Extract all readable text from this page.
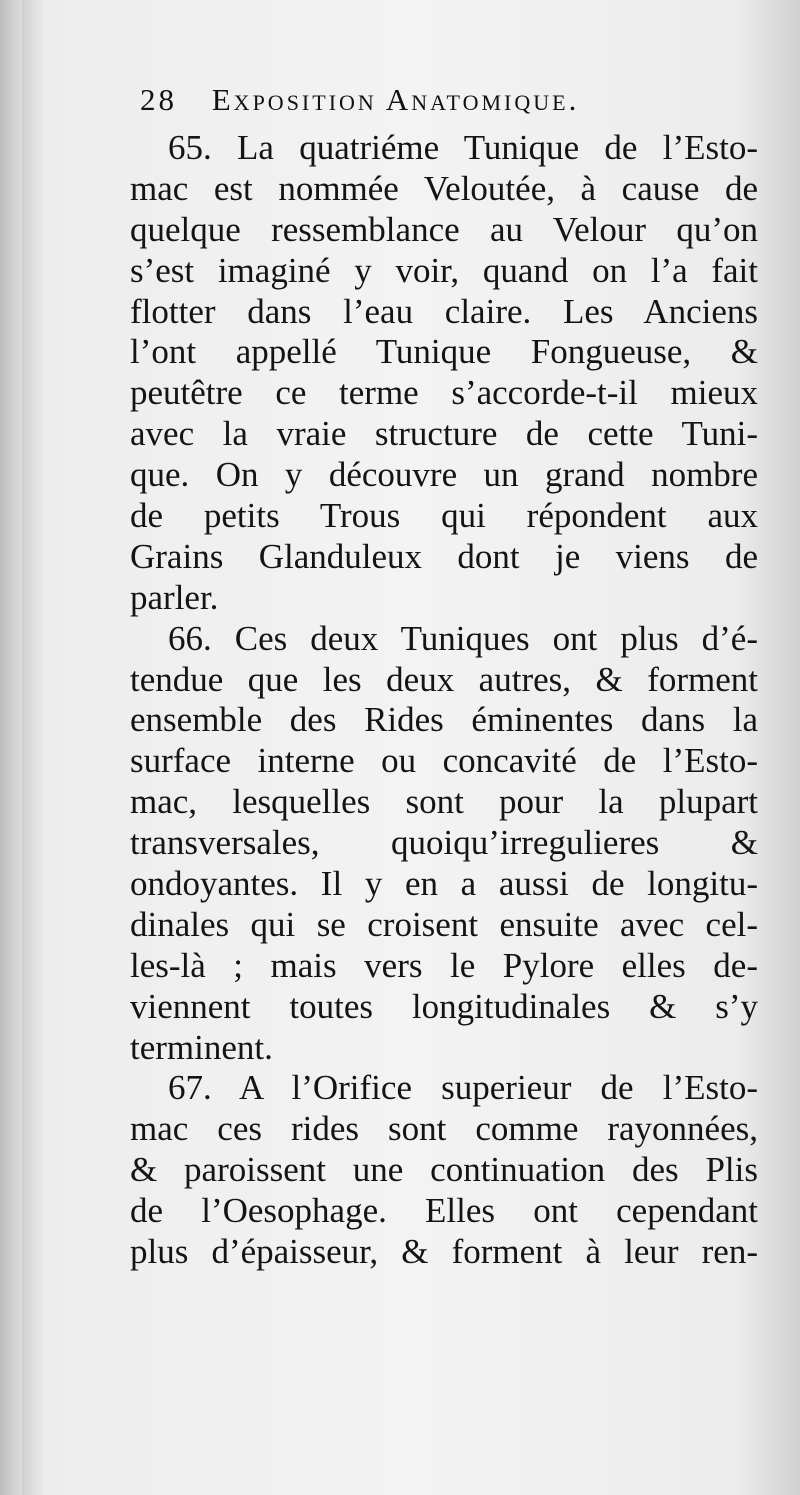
28 Exposition Anatomique.
65. La quatriéme Tunique de l’Esto-
mac est nommée Veloutée, à cause de
quelque ressemblance au Velour qu’on
s’est imaginé y voir, quand on l’a fait
flotter dans l’eau claire. Les Anciens
l’ont appellé Tunique Fongueuse, &
peutêtre ce terme s’accorde-t-il mieux
avec la vraie structure de cette Tuni-
que. On y découvre un grand nombre
de petits Trous qui répondent aux
Grains Glanduleux dont je viens de
parler.
66. Ces deux Tuniques ont plus d’é-
tendue que les deux autres, & forment
ensemble des Rides éminentes dans la
surface interne ou concavité de l’Esto-
mac, lesquelles sont pour la plupart
transversales, quoiqu’irregulieres &
ondoyantes. Il y en a aussi de longitu-
dinales qui se croisent ensuite avec cel-
les-là ; mais vers le Pylore elles de-
viennent toutes longitudinales & s’y
terminent.
67. A l’Orifice superieur de l’Esto-
mac ces rides sont comme rayonnées,
& paroissent une continuation des Plis
de l’Oesophage. Elles ont cependant
plus d’épaisseur, & forment à leur ren-
